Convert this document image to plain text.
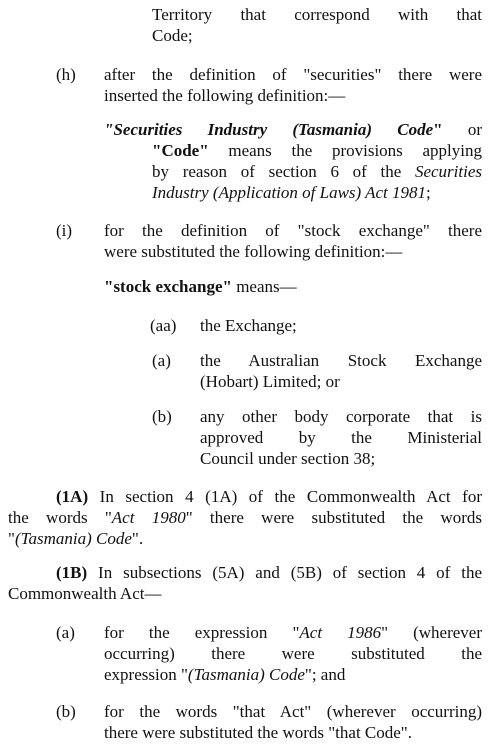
Territory that correspond with that

Code;

(h) after the definition of "securities" there were

inserted the following definition:—

"Securities Industry (Tasmania) Code" or

"Code" means the provisions applying

by reason of section 6 of the Securities

Industry (Application of Laws) Act 1981;

(i) for the definition of "stock exchange" there

were substituted the following definition:—

"stock exchange" means—

(aa) the Exchange;

(a) the Australian Stock Exchange

(Hobart) Limited; or

(b) any other body corporate that is

approved by the Ministerial

Council under section 38;

(1A) In section 4 (1A) of the Commonwealth Act for

the words "Act 1980" there were substituted the words

"(Tasmania) Code".

(1B) In subsections (5A) and (5B) of section 4 of the

Commonwealth Act—

(a) for the expression "Act 1986" (wherever

occurring) there were substituted the

expression "(Tasmania) Code"; and

(b) for the words "that Act" (wherever occurring)

there were substituted the words "that Code".
